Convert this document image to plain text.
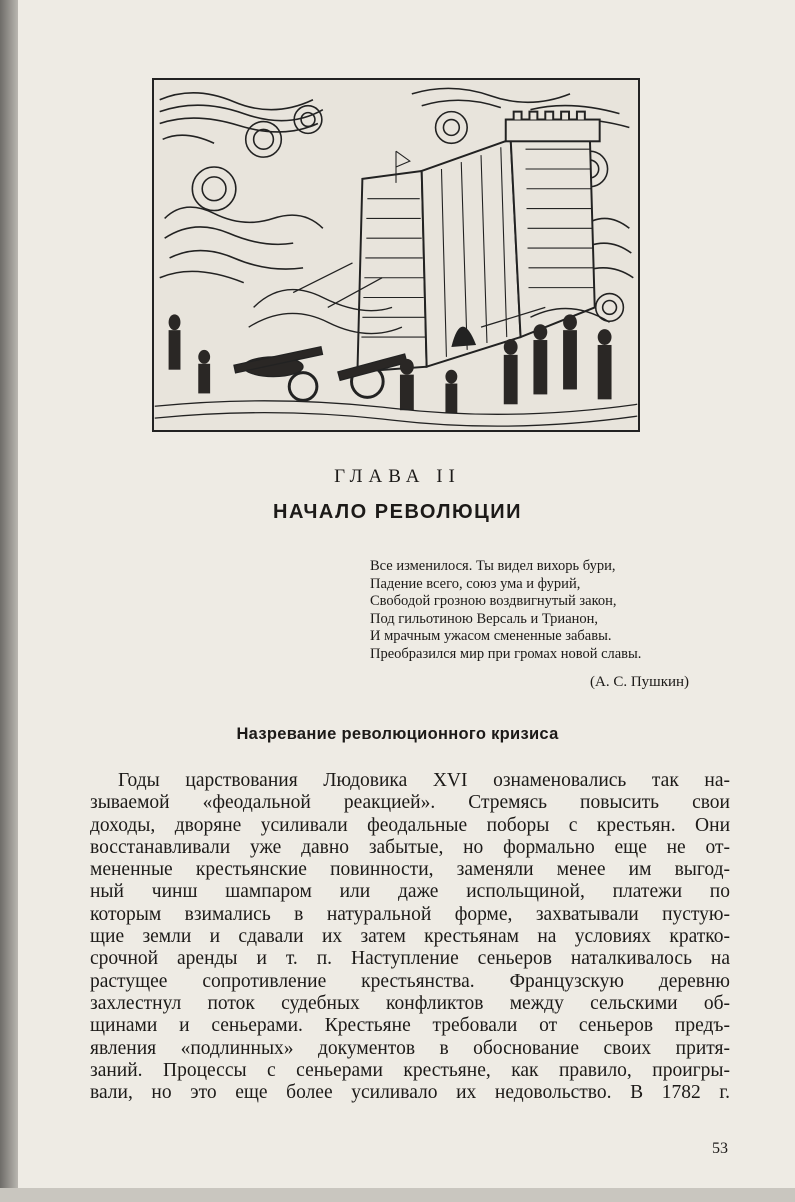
ГЛАВА II
НАЧАЛО РЕВОЛЮЦИИ
Все изменилося. Ты видел вихорь бури,
Падение всего, союз ума и фурий,
Свободой грозною воздвигнутый закон,
Под гильотиною Версаль и Трианон,
И мрачным ужасом смененные забавы.
Преобразился мир при громах новой славы.
(А. С. Пушкин)
Назревание революционного кризиса
Годы царствования Людовика XVI ознаменовались так на-
зываемой «феодальной реакцией». Стремясь повысить свои
доходы, дворяне усиливали феодальные поборы с крестьян. Они
восстанавливали уже давно забытые, но формально еще не от-
мененные крестьянские повинности, заменяли менее им выгод-
ный чинш шампаром или даже испольщиной, платежи по
которым взимались в натуральной форме, захватывали пустую-
щие земли и сдавали их затем крестьянам на условиях кратко-
срочной аренды и т. п. Наступление сеньеров наталкивалось на
растущее сопротивление крестьянства. Французскую деревню
захлестнул поток судебных конфликтов между сельскими об-
щинами и сеньерами. Крестьяне требовали от сеньеров предъ-
явления «подлинных» документов в обоснование своих притя-
заний. Процессы с сеньерами крестьяне, как правило, проигры-
вали, но это еще более усиливало их недовольство. В 1782 г.
53
